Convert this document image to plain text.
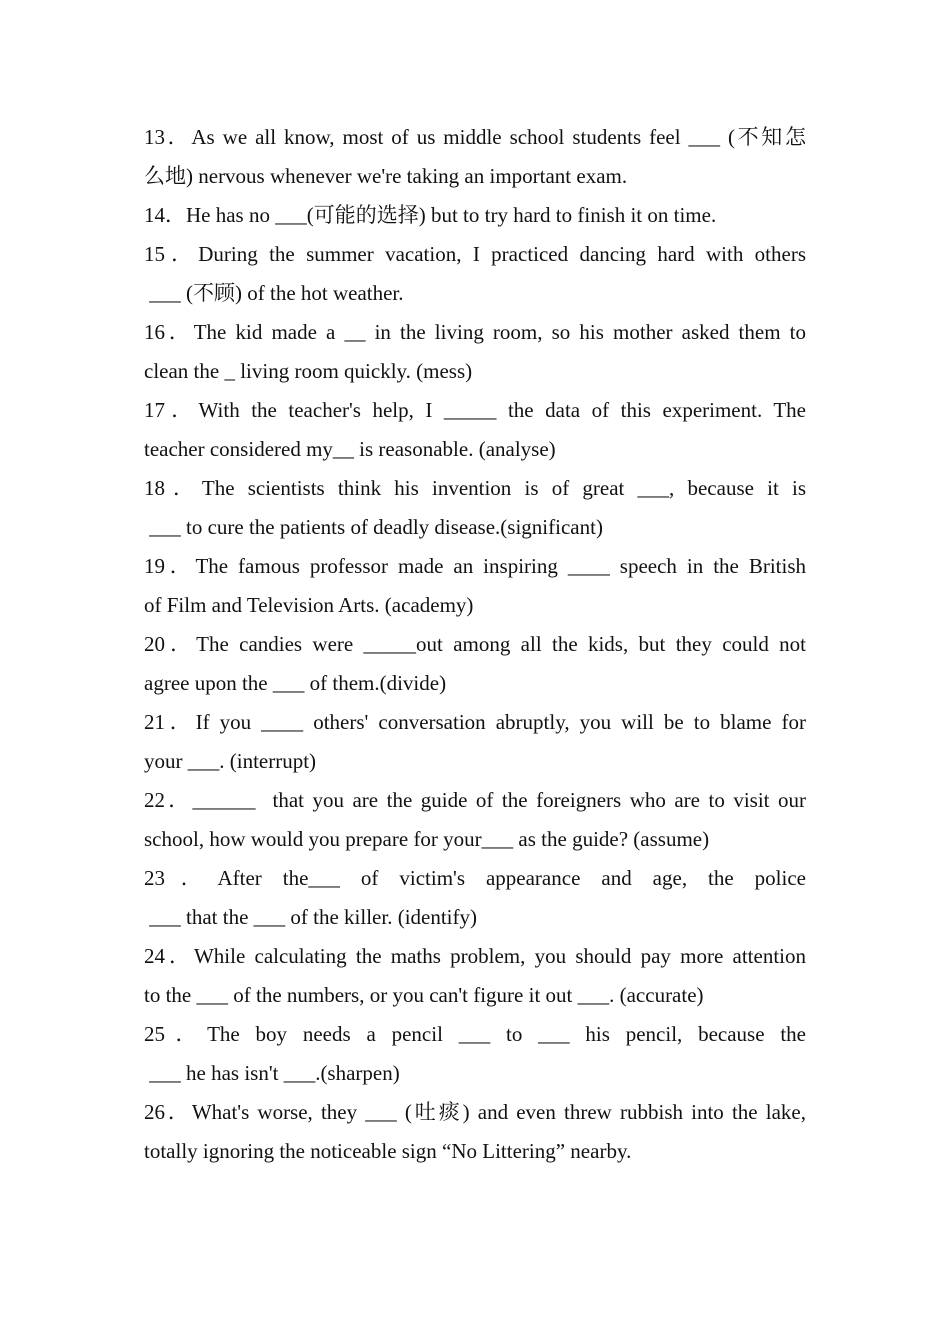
13．As we all know, most of us middle school students feel ___ (不知怎
么地) nervous whenever we're taking an important exam.
14．He has no ___(可能的选择) but to try hard to finish it on time.
15．During the summer vacation, I practiced dancing hard with others
___ (不顾) of the hot weather.
16．The kid made a __ in the living room, so his mother asked them to
clean the _ living room quickly. (mess)
17．With the teacher's help, I _____ the data of this experiment. The
teacher considered my__ is reasonable. (analyse)
18．The scientists think his invention is of great ___, because it is
___ to cure the patients of deadly disease.(significant)
19．The famous professor made an inspiring ____ speech in the British
of Film and Television Arts. (academy)
20．The candies were _____out among all the kids, but they could not
agree upon the ___ of them.(divide)
21．If you ____ others' conversation abruptly, you will be to blame for
your ___. (interrupt)
22．______  that you are the guide of the foreigners who are to visit our
school, how would you prepare for your___ as the guide? (assume)
23．After the___ of victim's appearance and age, the police
___ that the ___ of the killer. (identify)
24．While calculating the maths problem, you should pay more attention
to the ___ of the numbers, or you can't figure it out ___. (accurate)
25．The boy needs a pencil ___ to ___ his pencil, because the
___ he has isn't ___.(sharpen)
26．What's worse, they ___ (吐痰) and even threw rubbish into the lake,
totally ignoring the noticeable sign “No Littering” nearby.
